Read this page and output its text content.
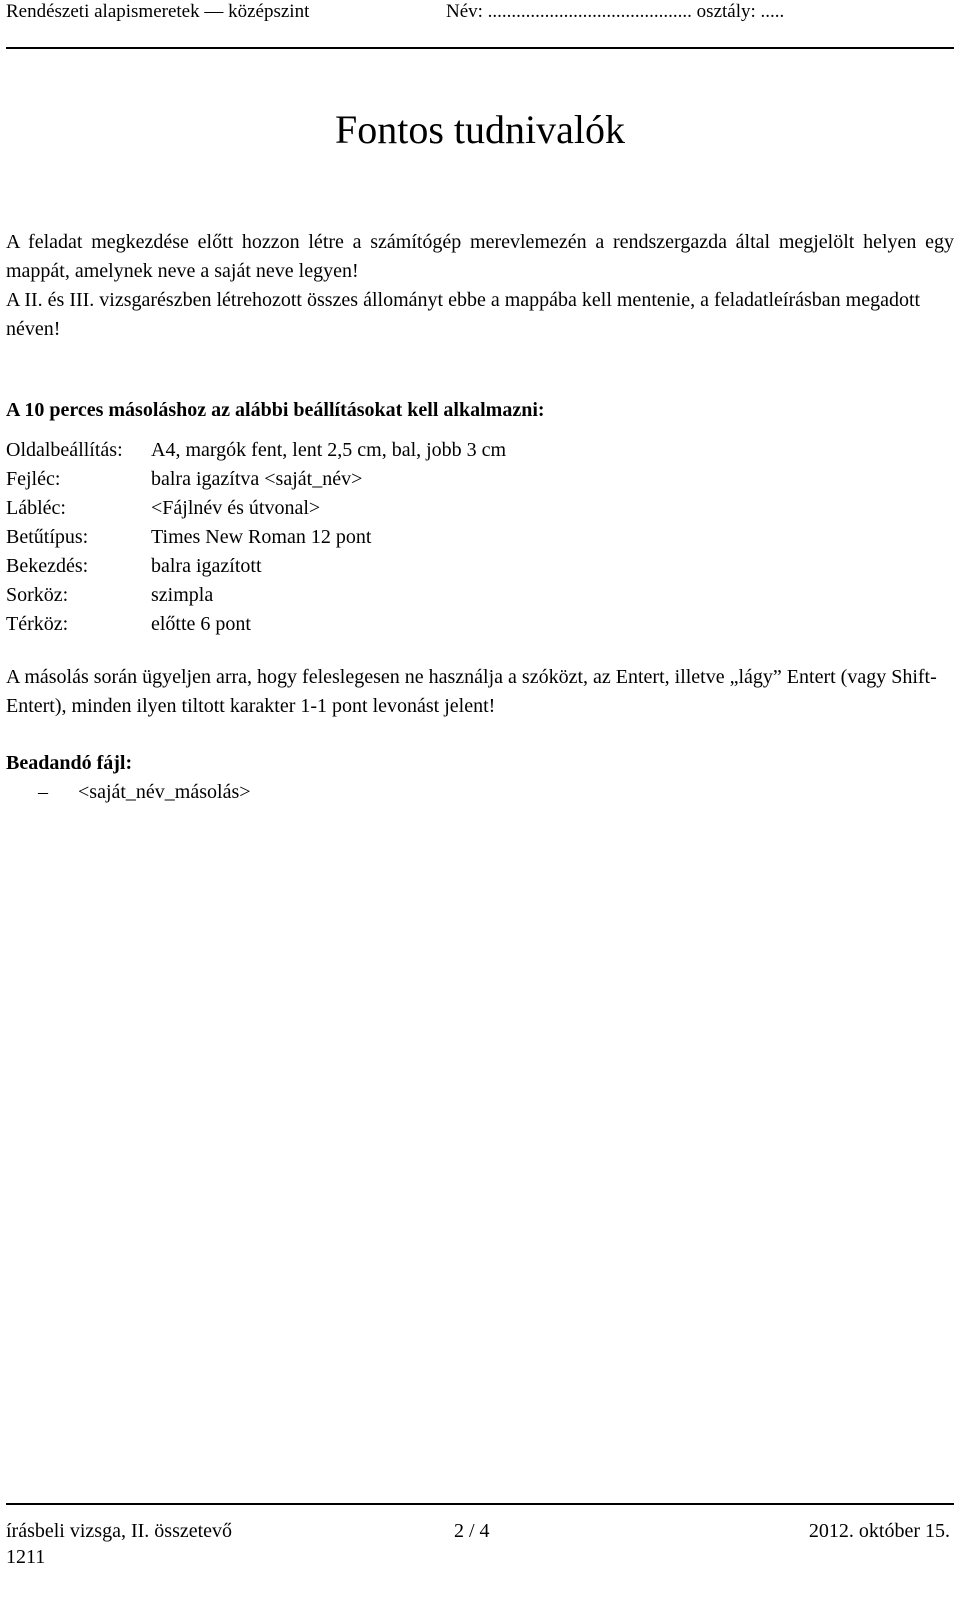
Rendészeti alapismeretek — középszint	Név: ........................................... osztály: .....
Fontos tudnivalók

A feladat megkezdése előtt hozzon létre a számítógép merevlemezén a rendszergazda által megjelölt helyen egy mappát, amelynek neve a saját neve legyen!

A II. és III. vizsgarészben létrehozott összes állományt ebbe a mappába kell mentenie, a feladatleírásban megadott néven!

A 10 perces másoláshoz az alábbi beállításokat kell alkalmazni:
Oldalbeállítás: A4, margók fent, lent 2,5 cm, bal, jobb 3 cm
Fejléc:	balra igazítva <saját_név>
Lábléc:	<Fájlnév és útvonal>
Betűtípus:	Times New Roman 12 pont
Bekezdés:	balra igazított
Sorköz:	szimpla
Térköz:	előtte 6 pont

A másolás során ügyeljen arra, hogy feleslegesen ne használja a szóközt, az Entert, illetve „lágy” Entert (vagy Shift-Entert), minden ilyen tiltott karakter 1-1 pont levonást jelent!

Beadandó fájl:
– <saját_név_másolás>
írásbeli vizsga, II. összetevő	2 / 4	2012. október 15.
1211
